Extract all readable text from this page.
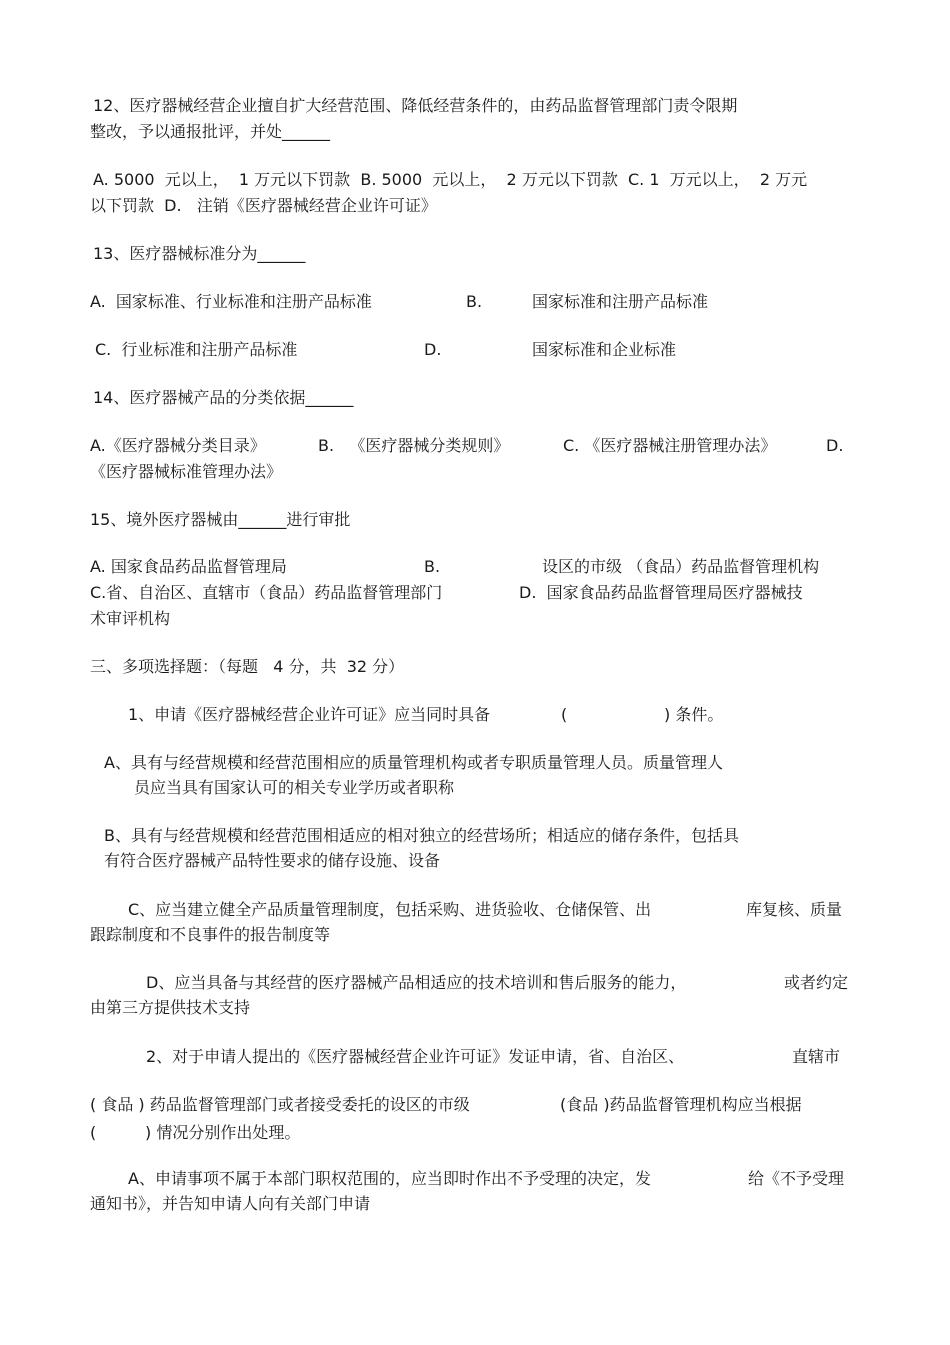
12、医疗器械经营企业擅自扩大经营范围、降低经营条件的，由药品监督管理部门责令限期
整改，予以通报批评，并处______
A. 5000  元以上，  1 万元以下罚款  B. 5000  元以上，  2 万元以下罚款  C. 1  万元以上，  2 万元
以下罚款  D.   注销《医疗器械经营企业许可证》
13、医疗器械标准分为______
A.  国家标准、行业标准和注册产品标准	B.	国家标准和注册产品标准
C.  行业标准和注册产品标准	D.	国家标准和企业标准
14、医疗器械产品的分类依据______
A.《医疗器械分类目录》	B.   《医疗器械分类规则》	C. 《医疗器械注册管理办法》	D.
《医疗器械标准管理办法》
15、境外医疗器械由______进行审批
A. 国家食品药品监督管理局	B.	设区的市级 （食品）药品监督管理机构
C.省、自治区、直辖市（食品）药品监督管理部门	D.  国家食品药品监督管理局医疗器械技
术审评机构
三、多项选择题：（每题   4 分，共  32 分）
1、申请《医疗器械经营企业许可证》应当同时具备	(	) 条件。
A、具有与经营规模和经营范围相应的质量管理机构或者专职质量管理人员。质量管理人
员应当具有国家认可的相关专业学历或者职称
B、具有与经营规模和经营范围相适应的相对独立的经营场所；相适应的储存条件，包括具
有符合医疗器械产品特性要求的储存设施、设备
C、应当建立健全产品质量管理制度，包括采购、进货验收、仓储保管、出	库复核、质量
跟踪制度和不良事件的报告制度等
D、应当具备与其经营的医疗器械产品相适应的技术培训和售后服务的能力，	或者约定
由第三方提供技术支持
2、对于申请人提出的《医疗器械经营企业许可证》发证申请，省、自治区、	直辖市
( 食品 ) 药品监督管理部门或者接受委托的设区的市级	(食品 )药品监督管理机构应当根据
(	) 情况分别作出处理。
A、申请事项不属于本部门职权范围的，应当即时作出不予受理的决定，发	给《不予受理
通知书》，并告知申请人向有关部门申请
